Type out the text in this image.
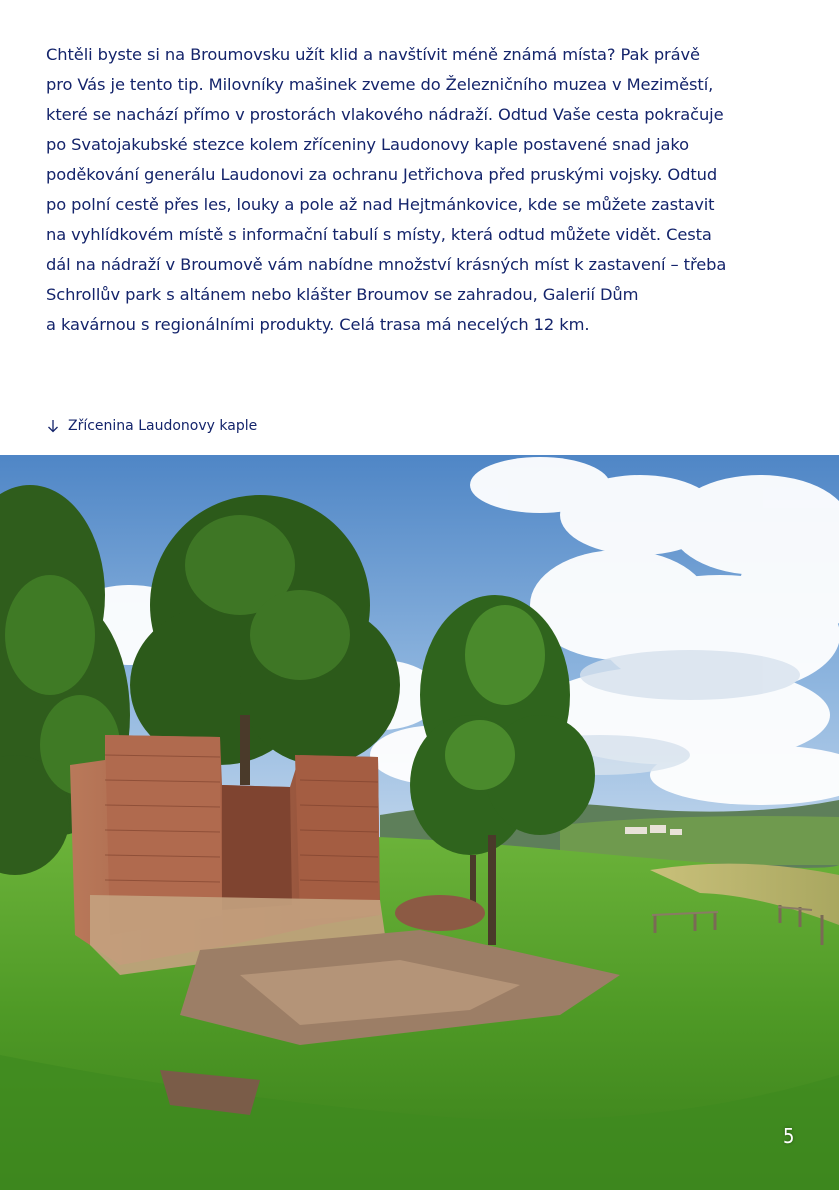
Chtěli byste si na Broumovsku užít klid a navštívit méně známá místa? Pak právě
pro Vás je tento tip. Milovníky mašinek zveme do Železničního muzea v Meziměstí,
které se nachází přímo v prostorách vlakového nádraží. Odtud Vaše cesta pokračuje
po Svatojakubské stezce kolem zříceniny Laudonovy kaple postavené snad jako
poděkování generálu Laudonovi za ochranu Jetřichova před pruskými vojsky. Odtud
po polní cestě přes les, louky a pole až nad Hejtmánkovice, kde se můžete zastavit
na vyhlídkovém místě s informační tabulí s místy, která odtud můžete vidět. Cesta
dál na nádraží v Broumově vám nabídne množství krásných míst k zastavení – třeba
Schrollův park s altánem nebo klášter Broumov se zahradou, Galerií Dům
a kavárnou s regionálními produkty. Celá trasa má necelých 12 km.
Zřícenina Laudonovy kaple
5
